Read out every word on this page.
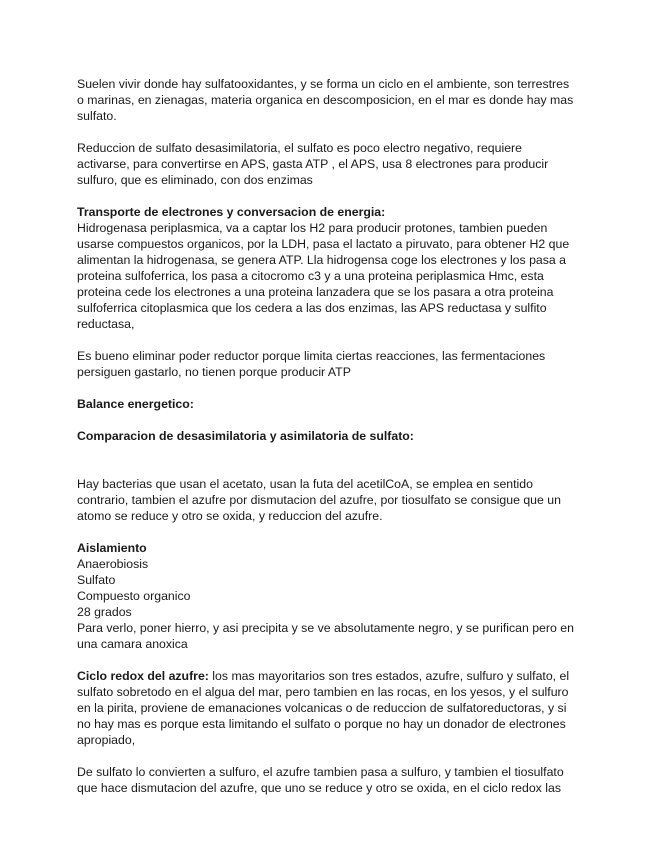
Suelen vivir donde hay sulfatooxidantes, y se forma un ciclo en el ambiente, son terrestres o marinas, en zienagas, materia organica en descomposicion, en el mar es donde hay mas sulfato.

Reduccion de sulfato desasimilatoria, el sulfato es poco electro negativo, requiere activarse, para convertirse en APS, gasta ATP , el APS, usa 8 electrones para producir sulfuro, que es eliminado, con dos enzimas

Transporte de electrones y conversacion de energia:

Hidrogenasa periplasmica, va a captar los H2 para producir protones, tambien pueden usarse compuestos organicos, por la LDH, pasa el lactato a piruvato, para obtener H2 que alimentan la hidrogenasa, se genera ATP. Lla hidrogensa coge los electrones y los pasa a proteina sulfoferrica, los pasa a citocromo c3 y a una proteina periplasmica Hmc, esta proteina cede los electrones a una proteina lanzadera que se los pasara a otra proteina sulfoferrica citoplasmica que los cedera a las dos enzimas, las APS reductasa y sulfito reductasa,

Es bueno eliminar poder reductor porque limita ciertas reacciones, las fermentaciones persiguen gastarlo, no tienen porque producir ATP

Balance energetico:

Comparacion de desasimilatoria y asimilatoria de sulfato:

Hay bacterias que usan el acetato, usan la futa del acetilCoA, se emplea en sentido contrario, tambien el azufre por dismutacion del azufre, por tiosulfato se consigue que un atomo se reduce y otro se oxida, y reduccion del azufre.

Aislamiento

Anaerobiosis

Sulfato

Compuesto organico

28 grados

Para verlo, poner hierro, y asi precipita y se ve absolutamente negro, y se purifican pero en una camara anoxica

Ciclo redox del azufre: los mas mayoritarios son tres estados, azufre, sulfuro y sulfato, el sulfato sobretodo en el algua del mar, pero tambien en las rocas, en los yesos, y el sulfuro en la pirita, proviene de emanaciones volcanicas o de reduccion de sulfatoreductoras, y si no hay mas es porque esta limitando el sulfato o porque no hay un donador de electrones apropiado,

De sulfato lo convierten a sulfuro, el azufre tambien pasa a sulfuro, y tambien el tiosulfato que hace dismutacion del azufre, que uno se reduce y otro se oxida, en el ciclo redox las
